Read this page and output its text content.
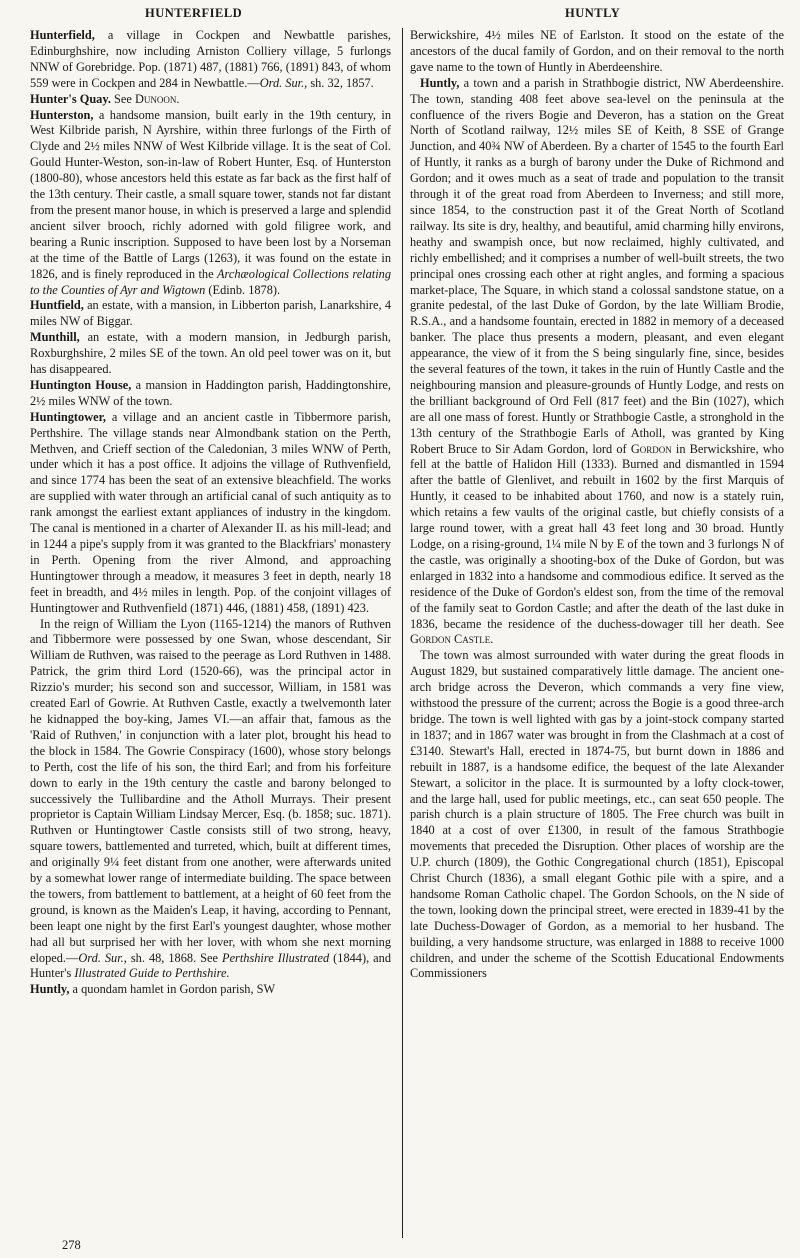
HUNTERFIELD	HUNTLY

Hunterfield, a village in Cockpen and Newbattle parishes, Edinburghshire, now including Arniston Colliery village, 5 furlongs NNW of Gorebridge. Pop. (1871) 487, (1881) 766, (1891) 843, of whom 559 were in Cockpen and 284 in Newbattle.—Ord. Sur., sh. 32, 1857.

Hunter's Quay. See Dunoon.

Hunterston, a handsome mansion, built early in the 19th century, in West Kilbride parish, N Ayrshire, within three furlongs of the Firth of Clyde and 2½ miles NNW of West Kilbride village. It is the seat of Col. Gould Hunter-Weston, son-in-law of Robert Hunter, Esq. of Hunterston (1800-80), whose ancestors held this estate as far back as the first half of the 13th century. Their castle, a small square tower, stands not far distant from the present manor house, in which is preserved a large and splendid ancient silver brooch, richly adorned with gold filigree work, and bearing a Runic inscription. Supposed to have been lost by a Norseman at the time of the Battle of Largs (1263), it was found on the estate in 1826, and is finely reproduced in the Archæological Collections relating to the Counties of Ayr and Wigtown (Edinb. 1878).

Huntfield, an estate, with a mansion, in Libberton parish, Lanarkshire, 4 miles NW of Biggar.

Munthill, an estate, with a modern mansion, in Jedburgh parish, Roxburghshire, 2 miles SE of the town. An old peel tower was on it, but has disappeared.

Huntington House, a mansion in Haddington parish, Haddingtonshire, 2½ miles WNW of the town.

Huntingtower, a village and an ancient castle in Tibbermore parish, Perthshire. The village stands near Almondbank station on the Perth, Methven, and Crieff section of the Caledonian, 3 miles WNW of Perth, under which it has a post office. It adjoins the village of Ruthvenfield, and since 1774 has been the seat of an extensive bleachfield. The works are supplied with water through an artificial canal of such antiquity as to rank amongst the earliest extant appliances of industry in the kingdom. The canal is mentioned in a charter of Alexander II. as his mill-lead; and in 1244 a pipe's supply from it was granted to the Blackfriars' monastery in Perth. Opening from the river Almond, and approaching Huntingtower through a meadow, it measures 3 feet in depth, nearly 18 feet in breadth, and 4½ miles in length. Pop. of the conjoint villages of Huntingtower and Ruthvenfield (1871) 446, (1881) 458, (1891) 423.

In the reign of William the Lyon (1165-1214) the manors of Ruthven and Tibbermore were possessed by one Swan, whose descendant, Sir William de Ruthven, was raised to the peerage as Lord Ruthven in 1488. Patrick, the grim third Lord (1520-66), was the principal actor in Rizzio's murder; his second son and successor, William, in 1581 was created Earl of Gowrie. At Ruthven Castle, exactly a twelvemonth later he kidnapped the boy-king, James VI.—an affair that, famous as the 'Raid of Ruthven,' in conjunction with a later plot, brought his head to the block in 1584. The Gowrie Conspiracy (1600), whose story belongs to Perth, cost the life of his son, the third Earl; and from his forfeiture down to early in the 19th century the castle and barony belonged to successively the Tullibardine and the Atholl Murrays. Their present proprietor is Captain William Lindsay Mercer, Esq. (b. 1858; suc. 1871). Ruthven or Huntingtower Castle consists still of two strong, heavy, square towers, battlemented and turreted, which, built at different times, and originally 9¼ feet distant from one another, were afterwards united by a somewhat lower range of intermediate building. The space between the towers, from battlement to battlement, at a height of 60 feet from the ground, is known as the Maiden's Leap, it having, according to Pennant, been leapt one night by the first Earl's youngest daughter, whose mother had all but surprised her with her lover, with whom she next morning eloped.—Ord. Sur., sh. 48, 1868. See Perthshire Illustrated (1844), and Hunter's Illustrated Guide to Perthshire.

Huntly, a quondam hamlet in Gordon parish, SW

Berwickshire, 4½ miles NE of Earlston. It stood on the estate of the ancestors of the ducal family of Gordon, and on their removal to the north gave name to the town of Huntly in Aberdeenshire.

Huntly, a town and a parish in Strathbogie district, NW Aberdeenshire. The town, standing 408 feet above sea-level on the peninsula at the confluence of the rivers Bogie and Deveron, has a station on the Great North of Scotland railway, 12½ miles SE of Keith, 8 SSE of Grange Junction, and 40¾ NW of Aberdeen. By a charter of 1545 to the fourth Earl of Huntly, it ranks as a burgh of barony under the Duke of Richmond and Gordon; and it owes much as a seat of trade and population to the transit through it of the great road from Aberdeen to Inverness; and still more, since 1854, to the construction past it of the Great North of Scotland railway. Its site is dry, healthy, and beautiful, amid charming hilly environs, heathy and swampish once, but now reclaimed, highly cultivated, and richly embellished; and it comprises a number of well-built streets, the two principal ones crossing each other at right angles, and forming a spacious market-place, The Square, in which stand a colossal sandstone statue, on a granite pedestal, of the last Duke of Gordon, by the late William Brodie, R.S.A., and a handsome fountain, erected in 1882 in memory of a deceased banker. The place thus presents a modern, pleasant, and even elegant appearance, the view of it from the S being singularly fine, since, besides the several features of the town, it takes in the ruin of Huntly Castle and the neighbouring mansion and pleasure-grounds of Huntly Lodge, and rests on the brilliant background of Ord Fell (817 feet) and the Bin (1027), which are all one mass of forest. Huntly or Strathbogie Castle, a stronghold in the 13th century of the Strathbogie Earls of Atholl, was granted by King Robert Bruce to Sir Adam Gordon, lord of Gordon in Berwickshire, who fell at the battle of Halidon Hill (1333). Burned and dismantled in 1594 after the battle of Glenlivet, and rebuilt in 1602 by the first Marquis of Huntly, it ceased to be inhabited about 1760, and now is a stately ruin, which retains a few vaults of the original castle, but chiefly consists of a large round tower, with a great hall 43 feet long and 30 broad. Huntly Lodge, on a rising-ground, 1¼ mile N by E of the town and 3 furlongs N of the castle, was originally a shooting-box of the Duke of Gordon, but was enlarged in 1832 into a handsome and commodious edifice. It served as the residence of the Duke of Gordon's eldest son, from the time of the removal of the family seat to Gordon Castle; and after the death of the last duke in 1836, became the residence of the duchess-dowager till her death. See Gordon Castle.

The town was almost surrounded with water during the great floods in August 1829, but sustained comparatively little damage. The ancient one-arch bridge across the Deveron, which commands a very fine view, withstood the pressure of the current; across the Bogie is a good three-arch bridge. The town is well lighted with gas by a joint-stock company started in 1837; and in 1867 water was brought in from the Clashmach at a cost of £3140. Stewart's Hall, erected in 1874-75, but burnt down in 1886 and rebuilt in 1887, is a handsome edifice, the bequest of the late Alexander Stewart, a solicitor in the place. It is surmounted by a lofty clock-tower, and the large hall, used for public meetings, etc., can seat 650 people. The parish church is a plain structure of 1805. The Free church was built in 1840 at a cost of over £1300, in result of the famous Strathbogie movements that preceded the Disruption. Other places of worship are the U.P. church (1809), the Gothic Congregational church (1851), Episcopal Christ Church (1836), a small elegant Gothic pile with a spire, and a handsome Roman Catholic chapel. The Gordon Schools, on the N side of the town, looking down the principal street, were erected in 1839-41 by the late Duchess-Dowager of Gordon, as a memorial to her husband. The building, a very handsome structure, was enlarged in 1888 to receive 1000 children, and under the scheme of the Scottish Educational Endowments Commissioners

278
